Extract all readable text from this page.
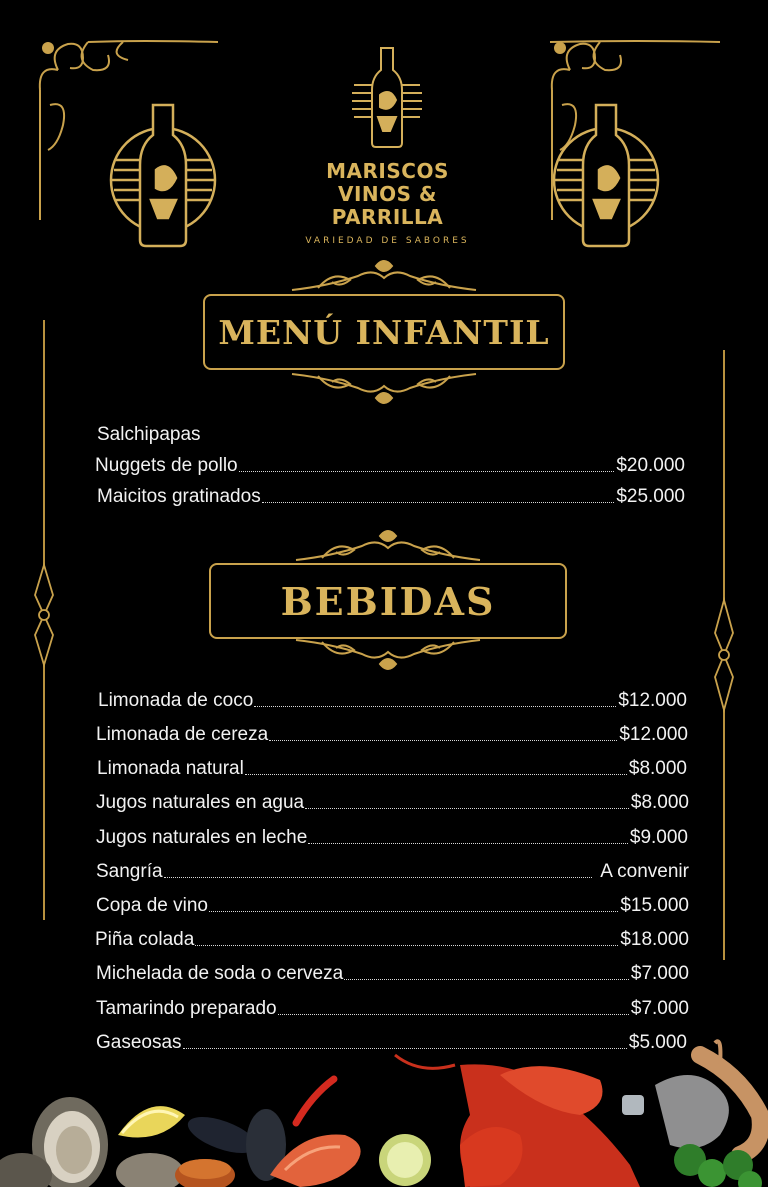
MARISCOS
VINOS & PARRILLA
VARIEDAD DE SABORES
MENÚ INFANTIL
Salchipapas
Nuggets de pollo	$20.000
Maicitos gratinados	$25.000
BEBIDAS
Limonada de coco	$12.000
Limonada de cereza	$12.000
Limonada natural	$8.000
Jugos naturales en agua	$8.000
Jugos naturales en leche	$9.000
Sangría	A convenir
Copa de vino	$15.000
Piña colada	$18.000
Michelada de soda o cerveza	$7.000
Tamarindo preparado	$7.000
Gaseosas	$5.000
